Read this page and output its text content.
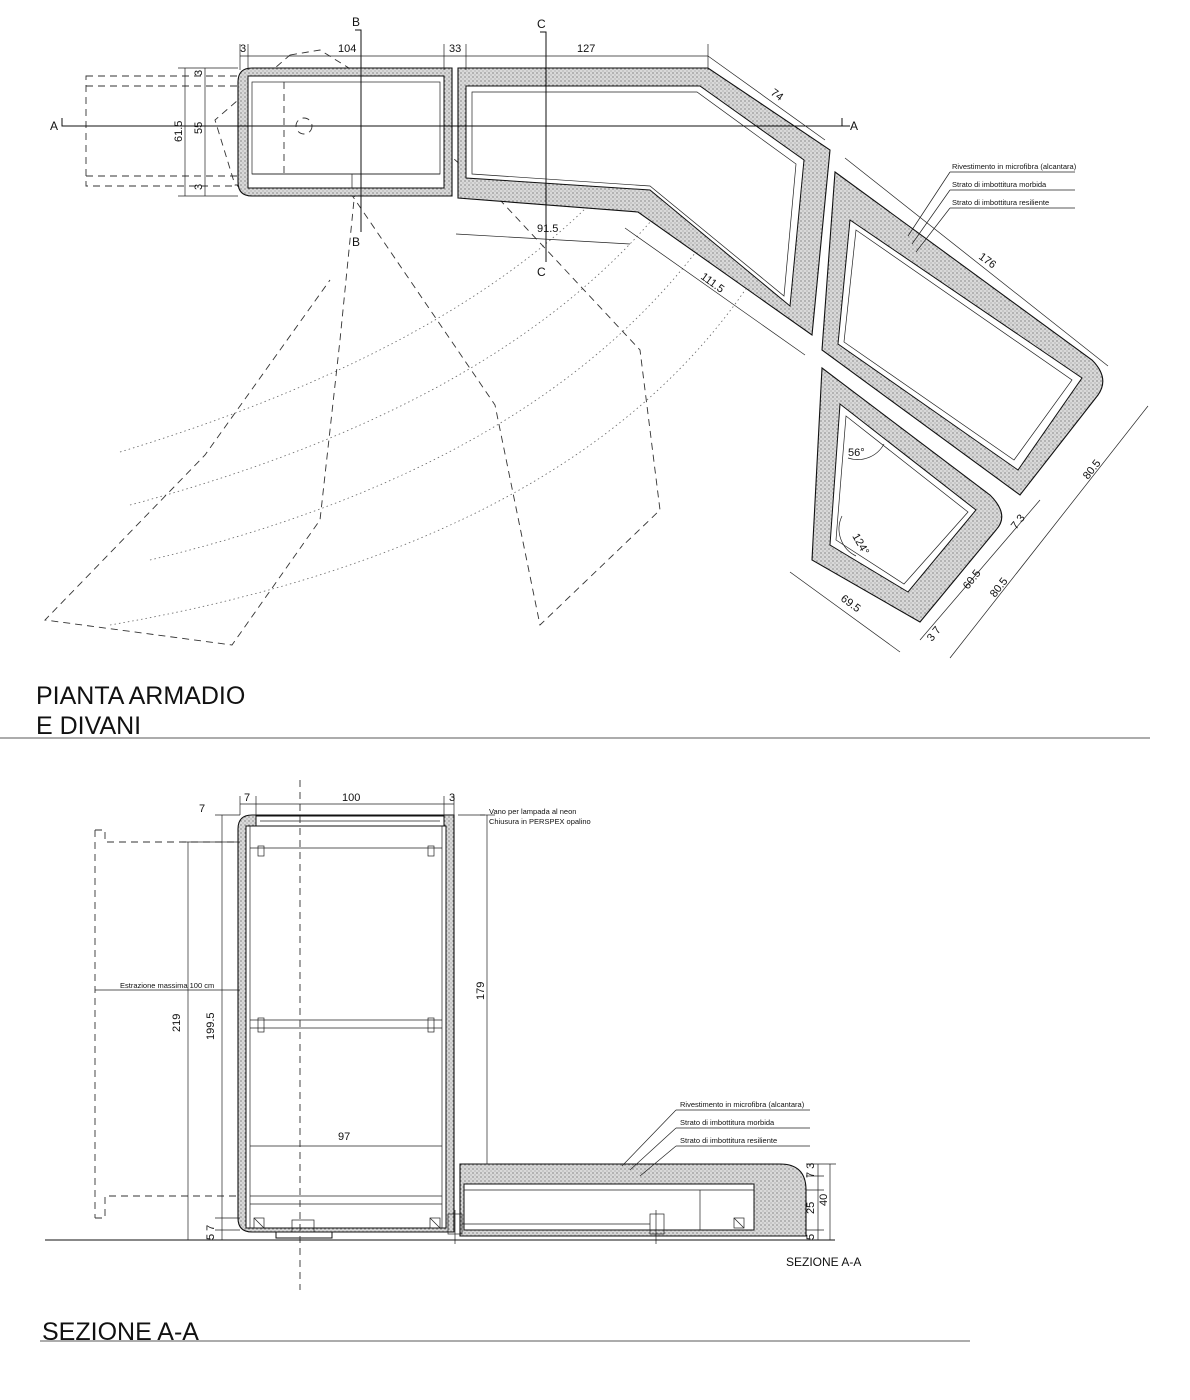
A	A
B
B
C
C
3	104	33	127
74
61.5 55
3
3
91.5
111.5
176
80.5
80.5
60.5
7 3
3 7
69.5
56°
124°
Rivestimento in microfibra (alcantara)
Strato di imbottitura morbida
Strato di imbottitura resiliente
7
7	100	3
219 199.5
179
97
5 7
7 3
25
40
5
Vano per lampada al neon
Chiusura in PERSPEX opalino
Estrazione massima 100 cm
Rivestimento in microfibra (alcantara)
Strato di imbottitura morbida
Strato di imbottitura resiliente
SEZIONE A-A
PIANTA ARMADIO
E DIVANI
SEZIONE A-A
